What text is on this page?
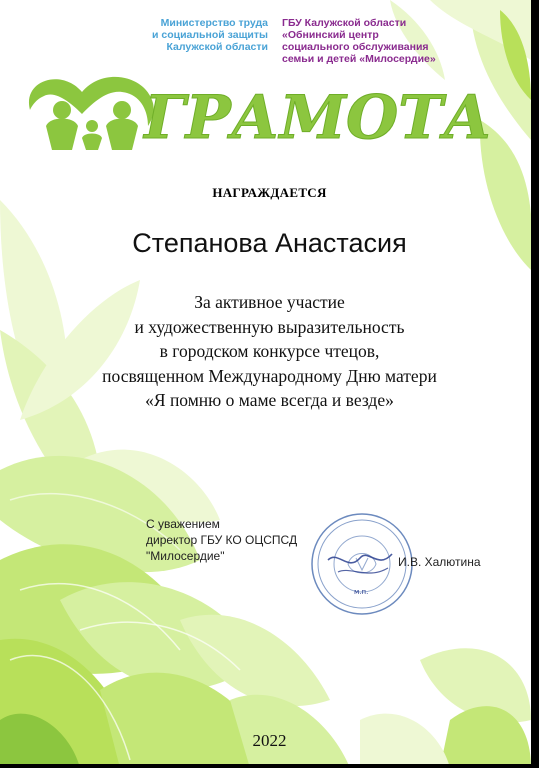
Министерство труда
и социальной защиты
Калужской области
ГБУ Калужской области
«Обнинский центр
социального обслуживания
семьи и детей «Милосердие»
ГРАМОТА
НАГРАЖДАЕТСЯ
Степанова Анастасия
За активное участие
и художественную выразительность
в городском конкурсе чтецов,
посвященном Международному Дню матери
«Я помню о маме всегда и везде»
С уважением
директор ГБУ КО ОЦСПСД
"Милосердие"
м.п.
И.В. Халютина
2022
